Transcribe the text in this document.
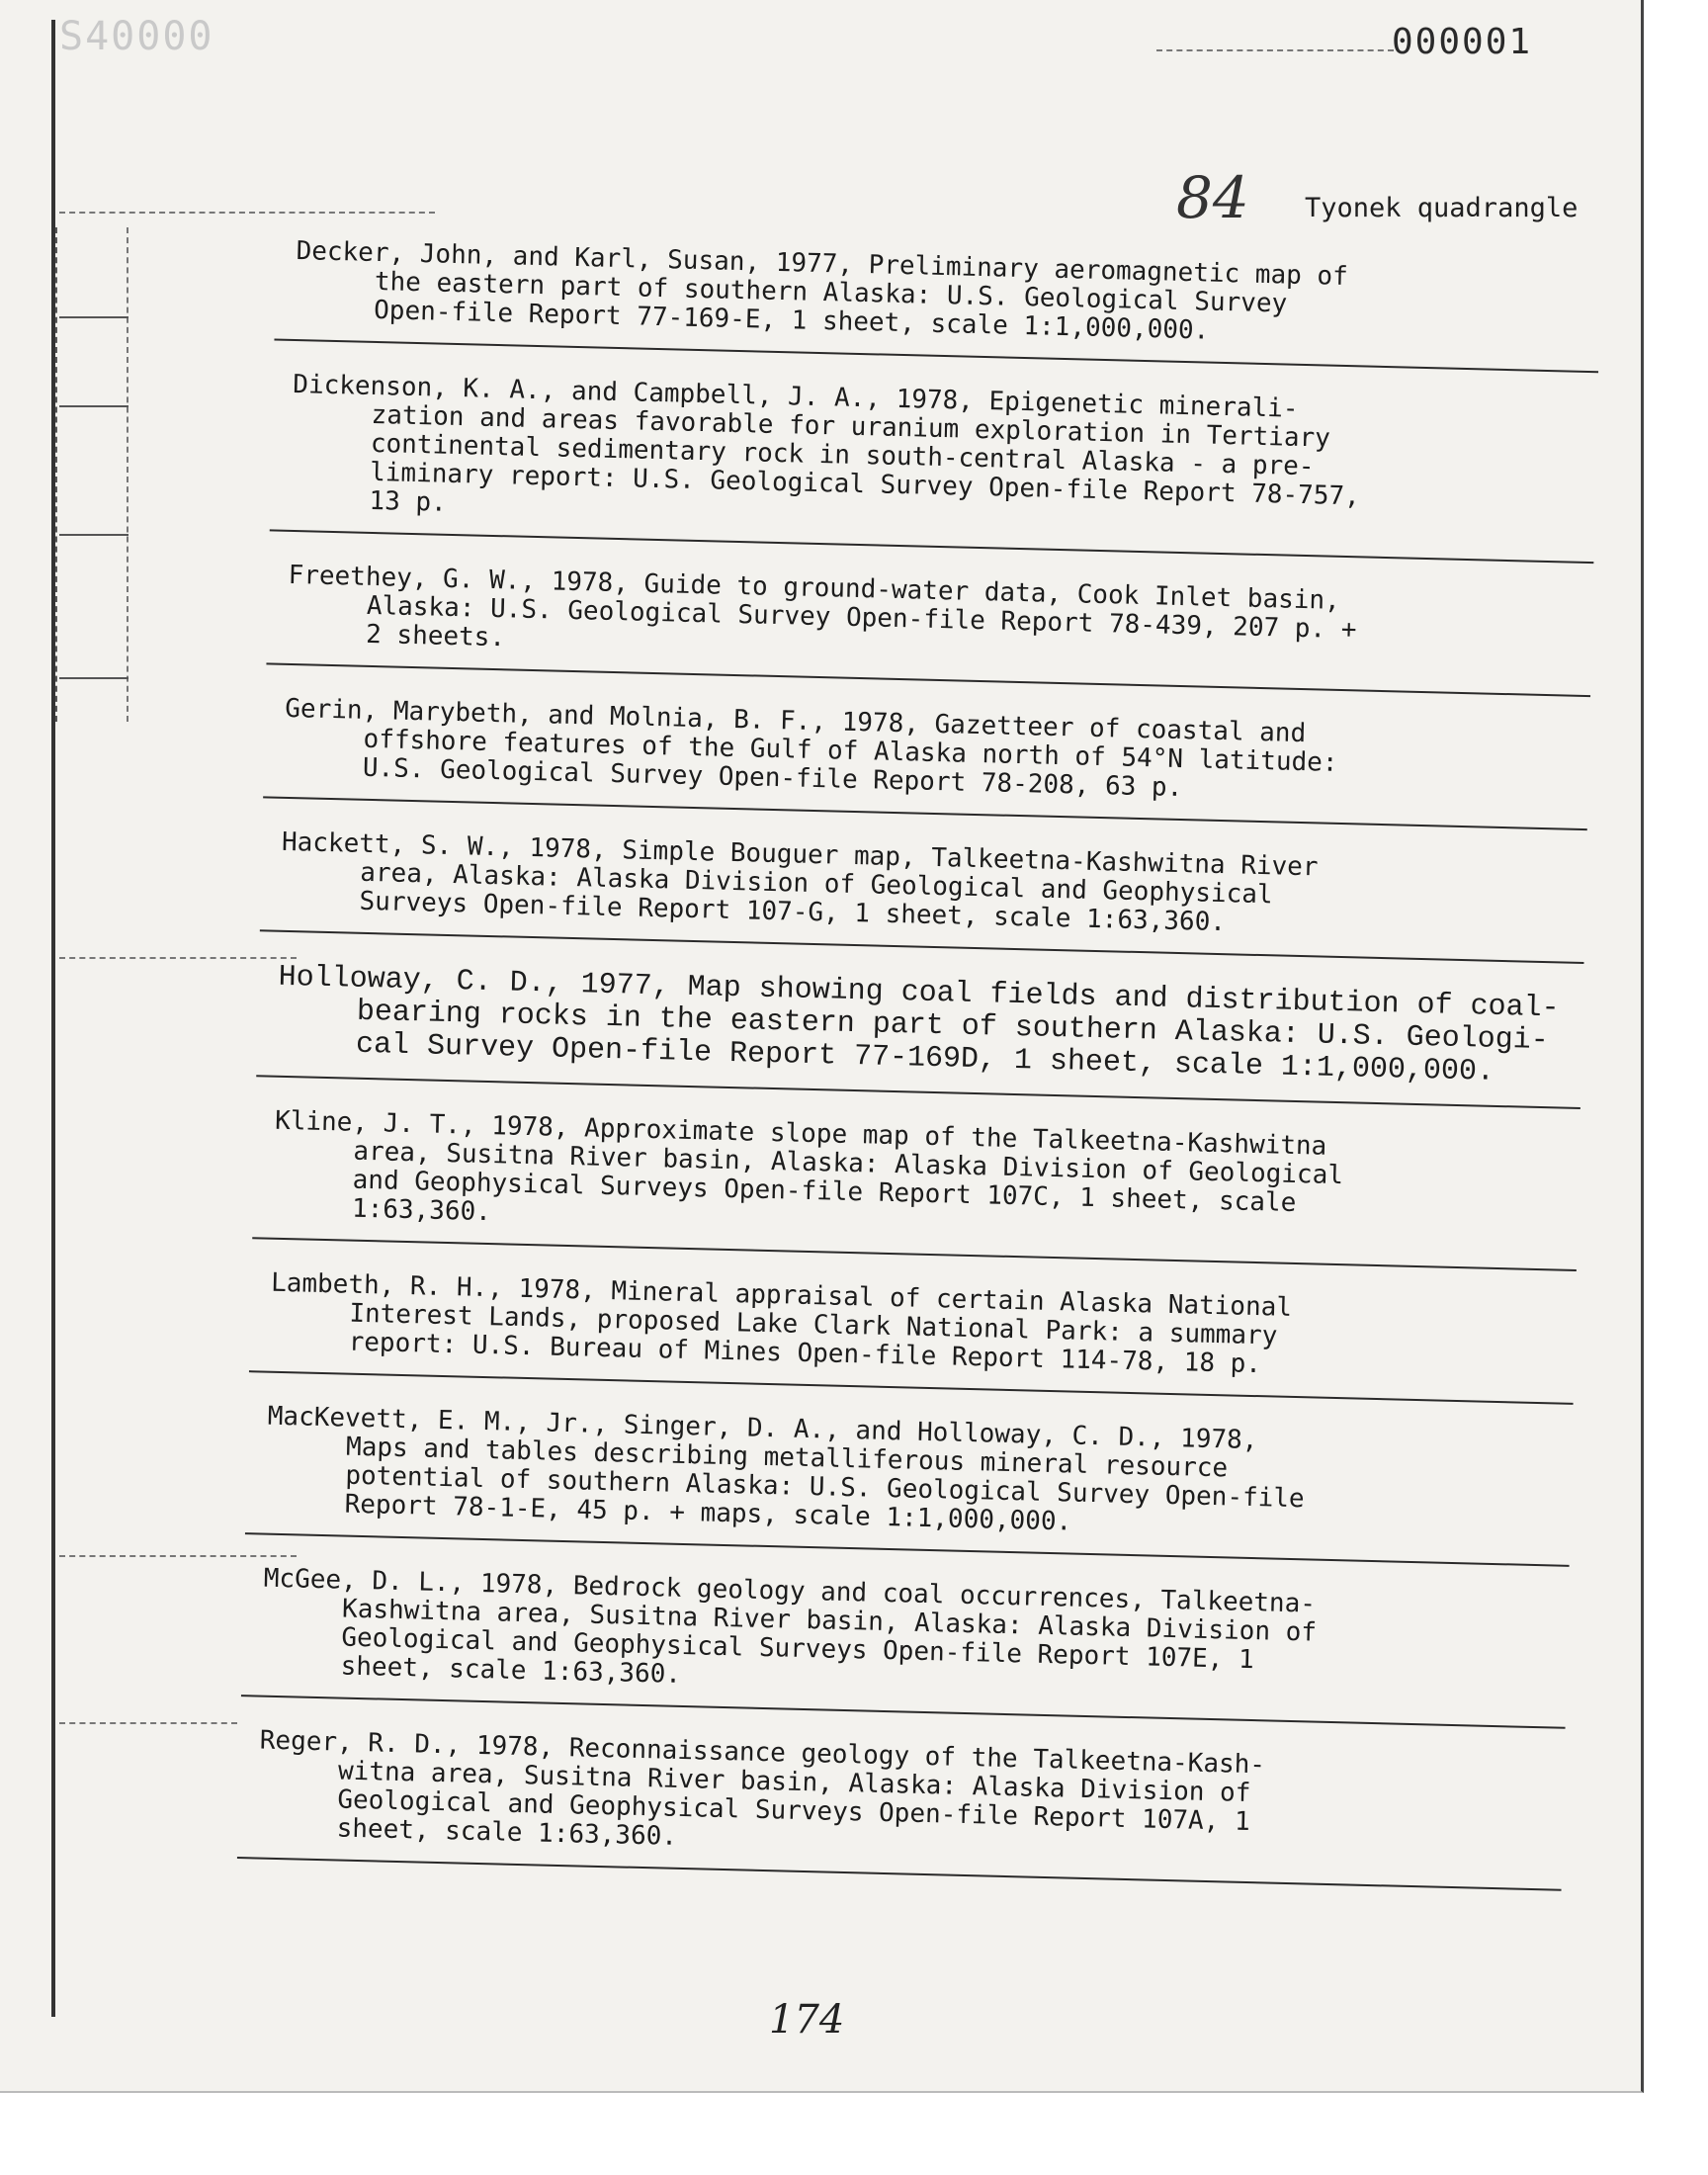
S40000	000001
84 Tyonek quadrangle
Decker, John, and Karl, Susan, 1977, Preliminary aeromagnetic map of
the eastern part of southern Alaska: U.S. Geological Survey
Open-file Report 77-169-E, 1 sheet, scale 1:1,000,000.
Dickenson, K. A., and Campbell, J. A., 1978, Epigenetic minerali-
zation and areas favorable for uranium exploration in Tertiary
continental sedimentary rock in south-central Alaska - a pre-
liminary report: U.S. Geological Survey Open-file Report 78-757,
13 p.
Freethey, G. W., 1978, Guide to ground-water data, Cook Inlet basin,
Alaska: U.S. Geological Survey Open-file Report 78-439, 207 p. +
2 sheets.
Gerin, Marybeth, and Molnia, B. F., 1978, Gazetteer of coastal and
offshore features of the Gulf of Alaska north of 54°N latitude:
U.S. Geological Survey Open-file Report 78-208, 63 p.
Hackett, S. W., 1978, Simple Bouguer map, Talkeetna-Kashwitna River
area, Alaska: Alaska Division of Geological and Geophysical
Surveys Open-file Report 107-G, 1 sheet, scale 1:63,360.
Holloway, C. D., 1977, Map showing coal fields and distribution of coal-
bearing rocks in the eastern part of southern Alaska: U.S. Geologi-
cal Survey Open-file Report 77-169D, 1 sheet, scale 1:1,000,000.
Kline, J. T., 1978, Approximate slope map of the Talkeetna-Kashwitna
area, Susitna River basin, Alaska: Alaska Division of Geological
and Geophysical Surveys Open-file Report 107C, 1 sheet, scale
1:63,360.
Lambeth, R. H., 1978, Mineral appraisal of certain Alaska National
Interest Lands, proposed Lake Clark National Park: a summary
report: U.S. Bureau of Mines Open-file Report 114-78, 18 p.
MacKevett, E. M., Jr., Singer, D. A., and Holloway, C. D., 1978,
Maps and tables describing metalliferous mineral resource
potential of southern Alaska: U.S. Geological Survey Open-file
Report 78-1-E, 45 p. + maps, scale 1:1,000,000.
McGee, D. L., 1978, Bedrock geology and coal occurrences, Talkeetna-
Kashwitna area, Susitna River basin, Alaska: Alaska Division of
Geological and Geophysical Surveys Open-file Report 107E, 1
sheet, scale 1:63,360.
Reger, R. D., 1978, Reconnaissance geology of the Talkeetna-Kash-
witna area, Susitna River basin, Alaska: Alaska Division of
Geological and Geophysical Surveys Open-file Report 107A, 1
sheet, scale 1:63,360.
174
